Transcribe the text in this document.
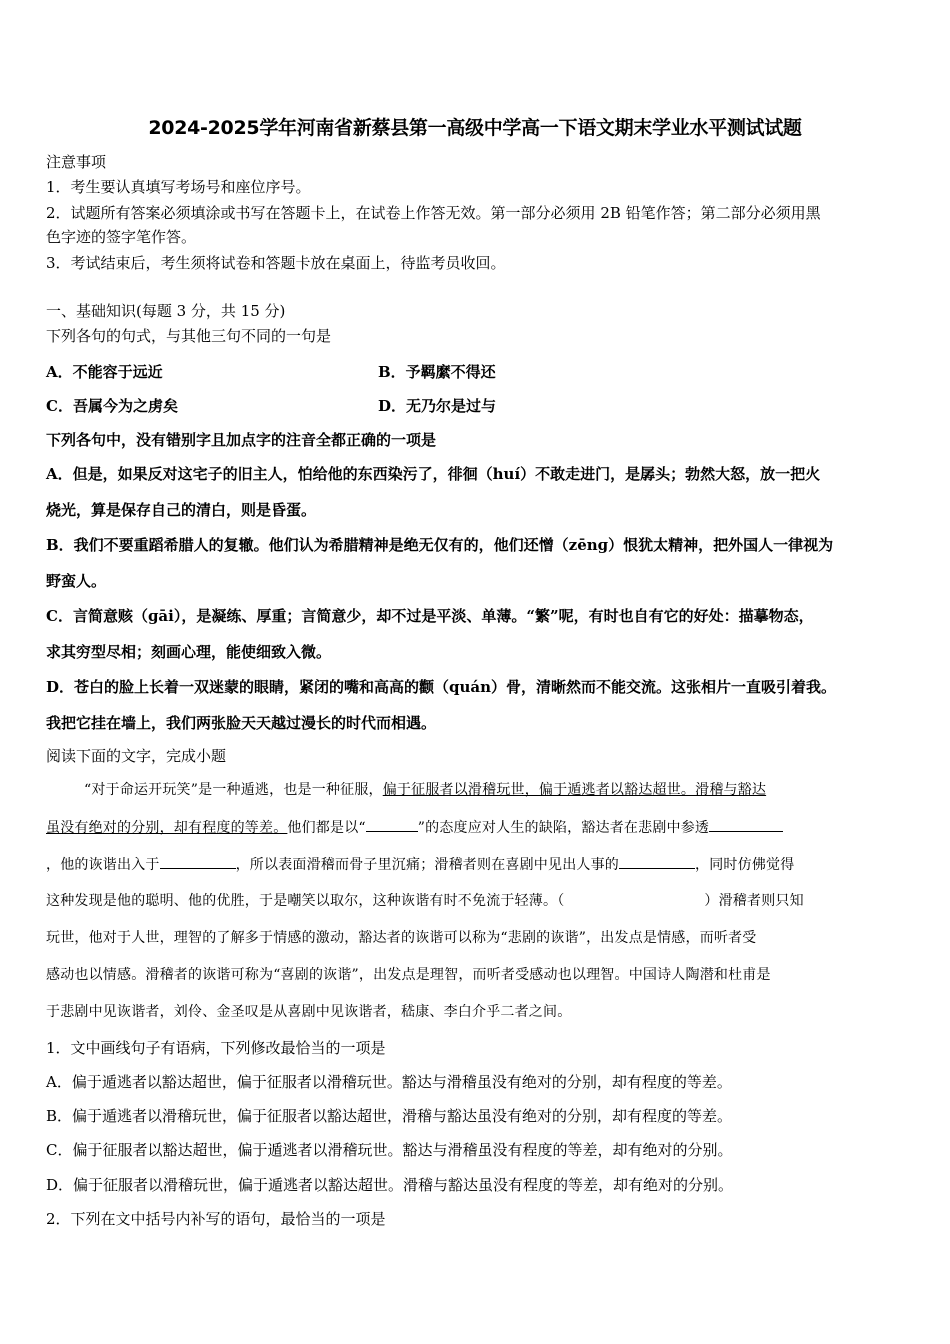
2024-2025学年河南省新蔡县第一高级中学高一下语文期末学业水平测试试题
注意事项
1．考生要认真填写考场号和座位序号。
2．试题所有答案必须填涂或书写在答题卡上，在试卷上作答无效。第一部分必须用 2B 铅笔作答；第二部分必须用黑
色字迹的签字笔作答。
3．考试结束后，考生须将试卷和答题卡放在桌面上，待监考员收回。
一、基础知识(每题 3 分，共 15 分)
下列各句的句式，与其他三句不同的一句是
A．不能容于远近	B．予羁縻不得还
C．吾属今为之虏矣	D．无乃尔是过与
下列各句中，没有错别字且加点字的注音全都正确的一项是
A．但是，如果反对这宅子的旧主人，怕给他的东西染污了，徘徊（huí）不敢走进门，是孱头；勃然大怒，放一把火
烧光，算是保存自己的清白，则是昏蛋。
B．我们不要重蹈希腊人的复辙。他们认为希腊精神是绝无仅有的，他们还憎（zēnɡ）恨犹太精神，把外国人一律视为
野蛮人。
C．言简意赅（ɡāi），是凝练、厚重；言简意少，却不过是平淡、单薄。“繁”呢，有时也自有它的好处：描摹物态，
求其穷型尽相；刻画心理，能使细致入微。
D．苍白的脸上长着一双迷蒙的眼睛，紧闭的嘴和高高的颧（quán）骨，清晰然而不能交流。这张相片一直吸引着我。
我把它挂在墙上，我们两张脸天天越过漫长的时代而相遇。
阅读下面的文字，完成小题
“对于命运开玩笑”是一种遁逃，也是一种征服，偏于征服者以滑稽玩世，偏于遁逃者以豁达超世。滑稽与豁达
虽没有绝对的分别，却有程度的等差。他们都是以“	”的态度应对人生的缺陷，豁达者在悲剧中参透
，他的诙谐出入于	，所以表面滑稽而骨子里沉痛；滑稽者则在喜剧中见出人事的	，同时仿佛觉得
这种发现是他的聪明、他的优胜，于是嘲笑以取尔，这种诙谐有时不免流于轻薄。（	）滑稽者则只知
玩世，他对于人世，理智的了解多于情感的激动，豁达者的诙谐可以称为“悲剧的诙谐”，出发点是情感，而听者受
感动也以情感。滑稽者的诙谐可称为“喜剧的诙谐”，出发点是理智，而听者受感动也以理智。中国诗人陶潜和杜甫是
于悲剧中见诙谐者，刘伶、金圣叹是从喜剧中见诙谐者，嵇康、李白介乎二者之间。
1．文中画线句子有语病，下列修改最恰当的一项是
A．偏于遁逃者以豁达超世，偏于征服者以滑稽玩世。豁达与滑稽虽没有绝对的分别，却有程度的等差。
B．偏于遁逃者以滑稽玩世，偏于征服者以豁达超世，滑稽与豁达虽没有绝对的分别，却有程度的等差。
C．偏于征服者以豁达超世，偏于遁逃者以滑稽玩世。豁达与滑稽虽没有程度的等差，却有绝对的分别。
D．偏于征服者以滑稽玩世，偏于遁逃者以豁达超世。滑稽与豁达虽没有程度的等差，却有绝对的分别。
2．下列在文中括号内补写的语句，最恰当的一项是
